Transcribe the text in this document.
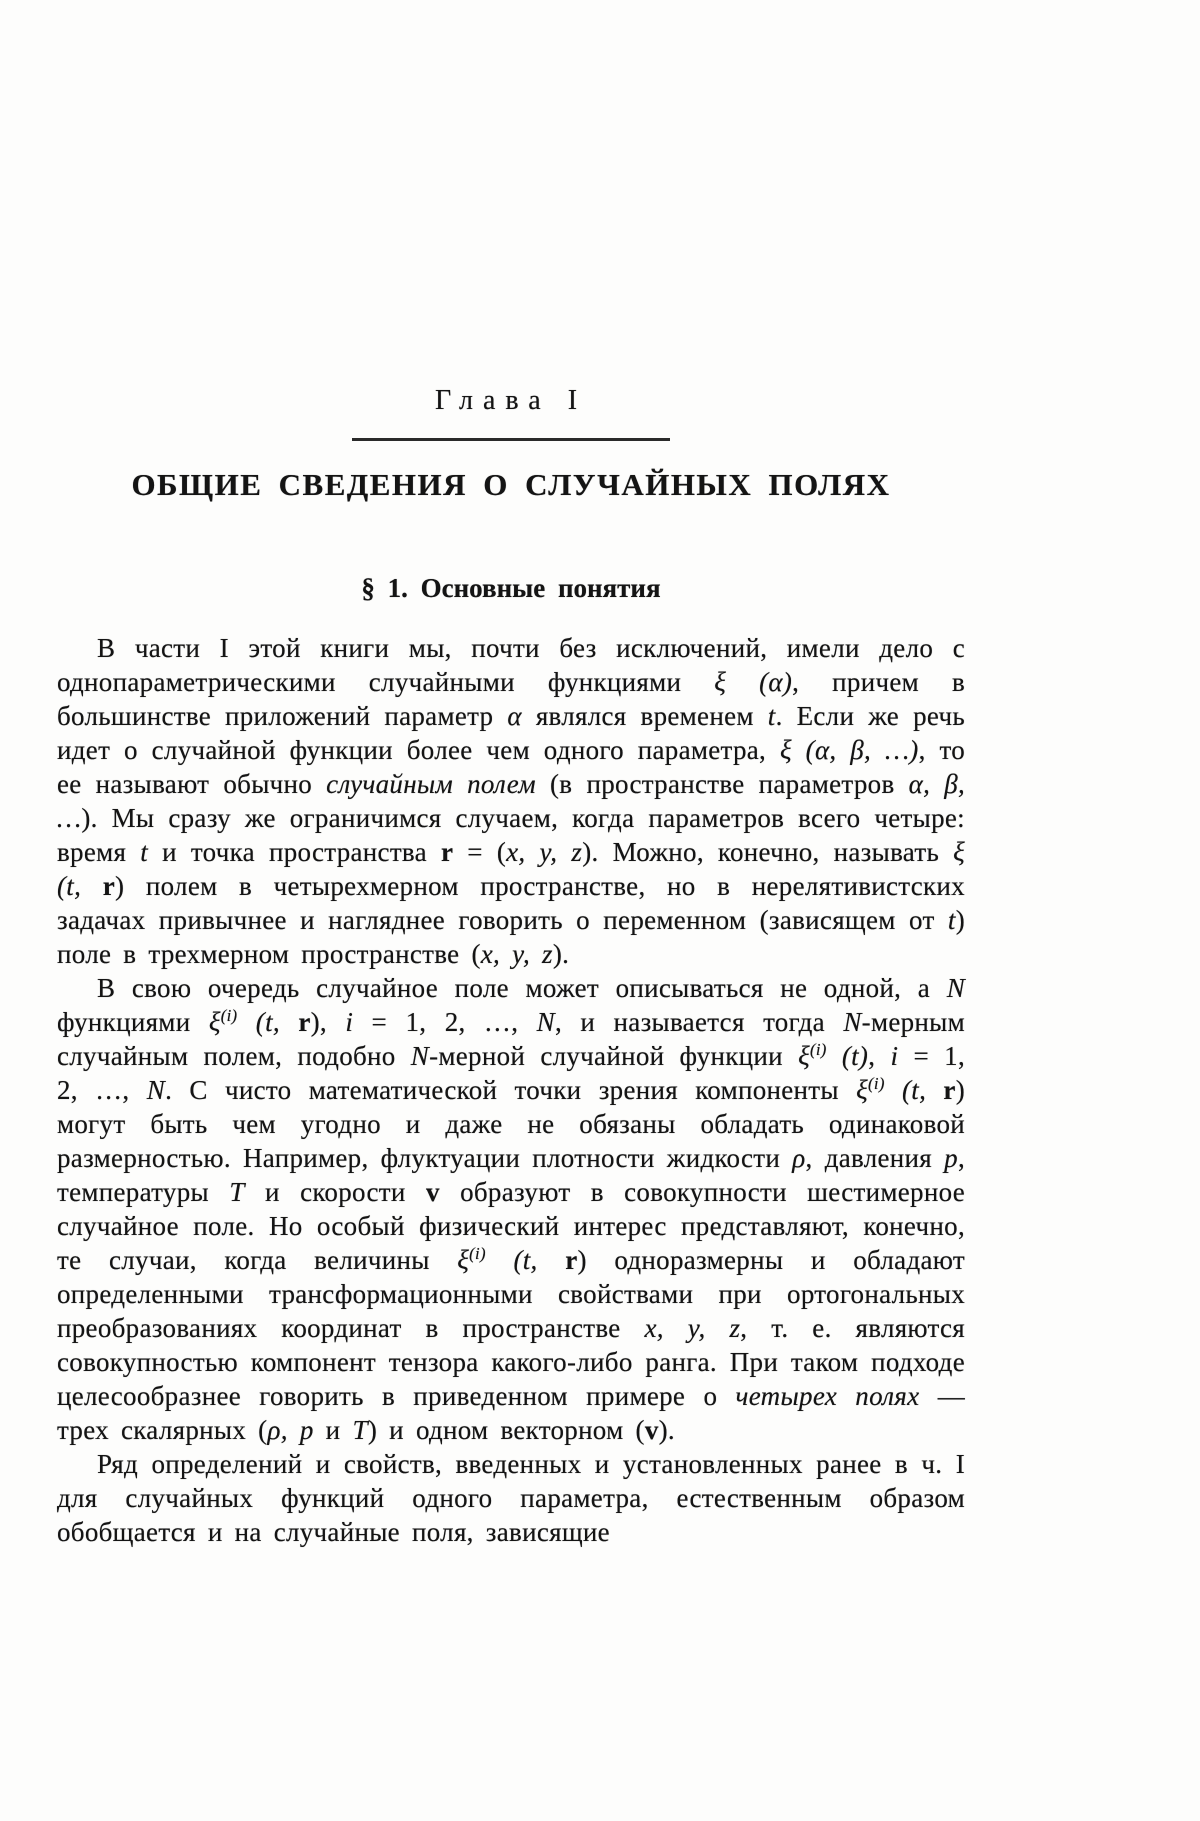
Глава I
ОБЩИЕ СВЕДЕНИЯ О СЛУЧАЙНЫХ ПОЛЯХ
§ 1. Основные понятия

В части I этой книги мы, почти без исключений, имели дело с однопараметрическими случайными функциями ξ (α), причем в большинстве приложений параметр α являлся временем t. Если же речь идет о случайной функции более чем одного параметра, ξ (α, β, …), то ее называют обычно случайным полем (в пространстве параметров α, β, …). Мы сразу же ограничимся случаем, когда параметров всего четыре: время t и точка пространства r = (x, y, z). Можно, конечно, называть ξ (t, r) полем в четырехмерном пространстве, но в нерелятивистских задачах привычнее и нагляднее говорить о переменном (зависящем от t) поле в трехмерном пространстве (x, y, z).

В свою очередь случайное поле может описываться не одной, а N функциями $\xi^{(i)}$ (t, r), i = 1, 2, …, N, и называется тогда N-мерным случайным полем, подобно N-мерной случайной функции $\xi^{(i)}$ (t), i = 1, 2, …, N. С чисто математической точки зрения компоненты $\xi^{(i)}$ (t, r) могут быть чем угодно и даже не обязаны обладать одинаковой размерностью. Например, флуктуации плотности жидкости ρ, давления p, температуры T и скорости v образуют в совокупности шестимерное случайное поле. Но особый физический интерес представляют, конечно, те случаи, когда величины $\xi^{(i)}$ (t, r) одноразмерны и обладают определенными трансформационными свойствами при ортогональных преобразованиях координат в пространстве x, y, z, т. е. являются совокупностью компонент тензора какого-либо ранга. При таком подходе целесообразнее говорить в приведенном примере о четырех полях — трех скалярных (ρ, p и T) и одном векторном (v).

Ряд определений и свойств, введенных и установленных ранее в ч. I для случайных функций одного параметра, естественным образом обобщается и на случайные поля, зависящие
